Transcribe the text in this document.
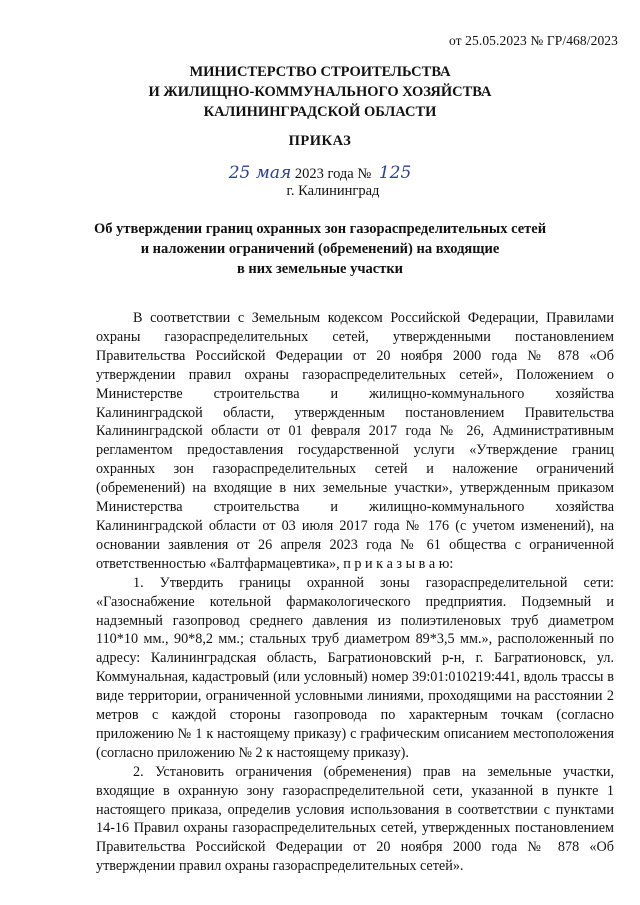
от 25.05.2023 № ГР/468/2023
МИНИСТЕРСТВО СТРОИТЕЛЬСТВА
И ЖИЛИЩНО-КОММУНАЛЬНОГО ХОЗЯЙСТВА
КАЛИНИНГРАДСКОЙ ОБЛАСТИ
ПРИКАЗ
25 мая 2023 года № 125
г. Калининград
Об утверждении границ охранных зон газораспределительных сетей
и наложении ограничений (обременений) на входящие
в них земельные участки

В соответствии с Земельным кодексом Российской Федерации, Правилами охраны газораспределительных сетей, утвержденными постановлением Правительства Российской Федерации от 20 ноября 2000 года № 878 «Об утверждении правил охраны газораспределительных сетей», Положением о Министерстве строительства и жилищно-коммунального хозяйства Калининградской области, утвержденным постановлением Правительства Калининградской области от 01 февраля 2017 года № 26, Административным регламентом предоставления государственной услуги «Утверждение границ охранных зон газораспределительных сетей и наложение ограничений (обременений) на входящие в них земельные участки», утвержденным приказом Министерства строительства и жилищно-коммунального хозяйства Калининградской области от 03 июля 2017 года № 176 (с учетом изменений), на основании заявления от 26 апреля 2023 года № 61 общества с ограниченной ответственностью «Балтфармацевтика», п р и к а з ы в а ю:

1. Утвердить границы охранной зоны газораспределительной сети: «Газоснабжение котельной фармакологического предприятия. Подземный и надземный газопровод среднего давления из полиэтиленовых труб диаметром 110*10 мм., 90*8,2 мм.; стальных труб диаметром 89*3,5 мм.», расположенный по адресу: Калининградская область, Багратионовский р-н, г. Багратионовск, ул. Коммунальная, кадастровый (или условный) номер 39:01:010219:441, вдоль трассы в виде территории, ограниченной условными линиями, проходящими на расстоянии 2 метров с каждой стороны газопровода по характерным точкам (согласно приложению № 1 к настоящему приказу) с графическим описанием местоположения (согласно приложению № 2 к настоящему приказу).

2. Установить ограничения (обременения) прав на земельные участки, входящие в охранную зону газораспределительной сети, указанной в пункте 1 настоящего приказа, определив условия использования в соответствии с пунктами 14-16 Правил охраны газораспределительных сетей, утвержденных постановлением Правительства Российской Федерации от 20 ноября 2000 года № 878 «Об утверждении правил охраны газораспределительных сетей».
